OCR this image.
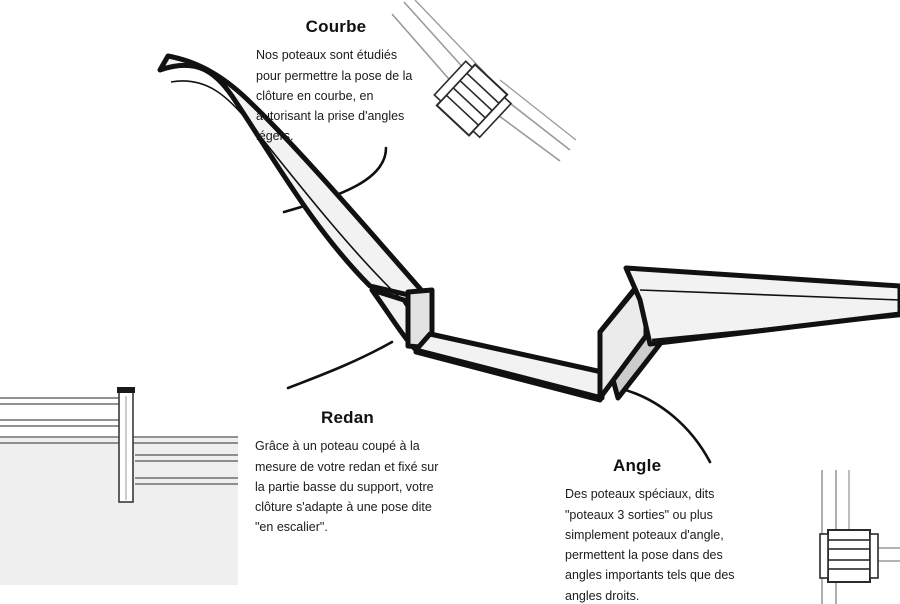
Courbe

Nos poteaux sont étudiés pour permettre la pose de la clôture en courbe, en autorisant la prise d'angles légers.

Redan

Grâce à un poteau coupé à la mesure de votre redan et fixé sur la partie basse du support, votre clôture s'adapte à une pose dite "en escalier".

Angle

Des poteaux spéciaux, dits "poteaux 3 sorties" ou plus simplement poteaux d'angle, permettent la pose dans des angles importants tels que des angles droits.
